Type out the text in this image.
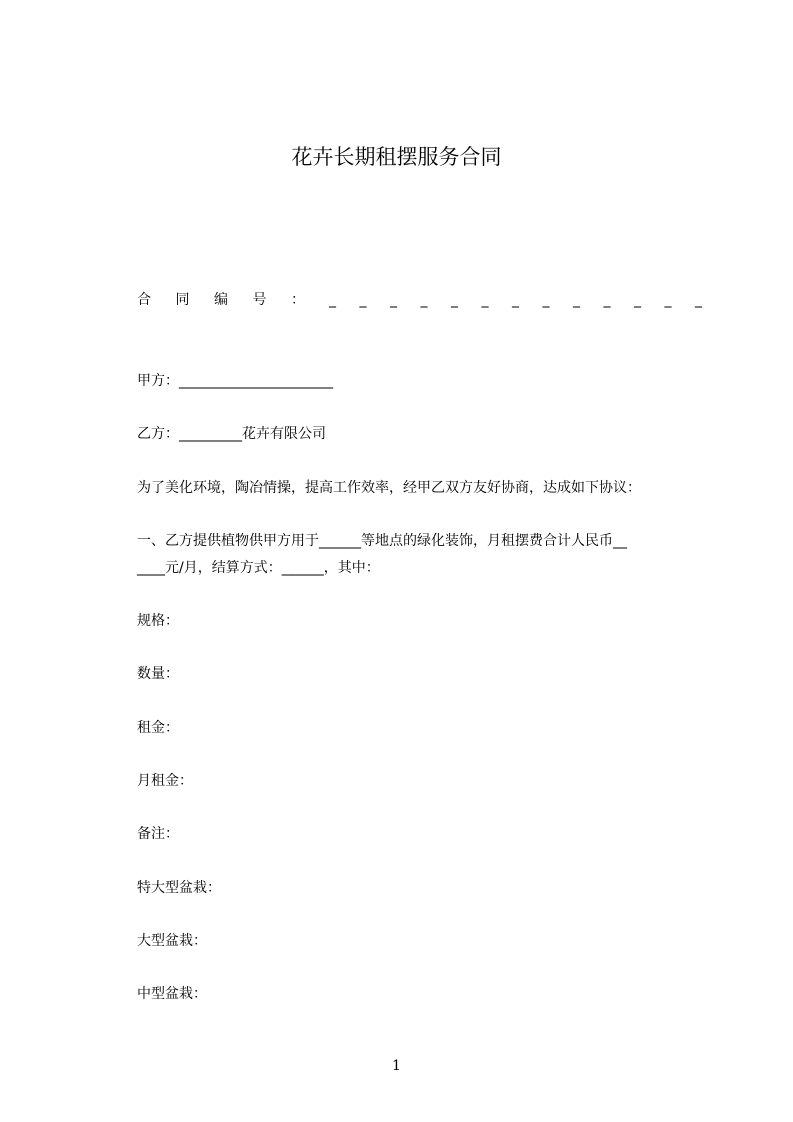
花卉长期租摆服务合同
合 同 编 号 ： _ _ _ _ _ _ _ _ _ _ _ _ _
甲方：______________________
乙方：_________花卉有限公司
为了美化环境，陶冶情操，提高工作效率，经甲乙双方友好协商，达成如下协议：
一、乙方提供植物供甲方用于______等地点的绿化装饰，月租摆费合计人民币__
____元/月，结算方式：______，其中：
规格：
数量：
租金：
月租金：
备注：
特大型盆栽：
大型盆栽：
中型盆栽：
1
